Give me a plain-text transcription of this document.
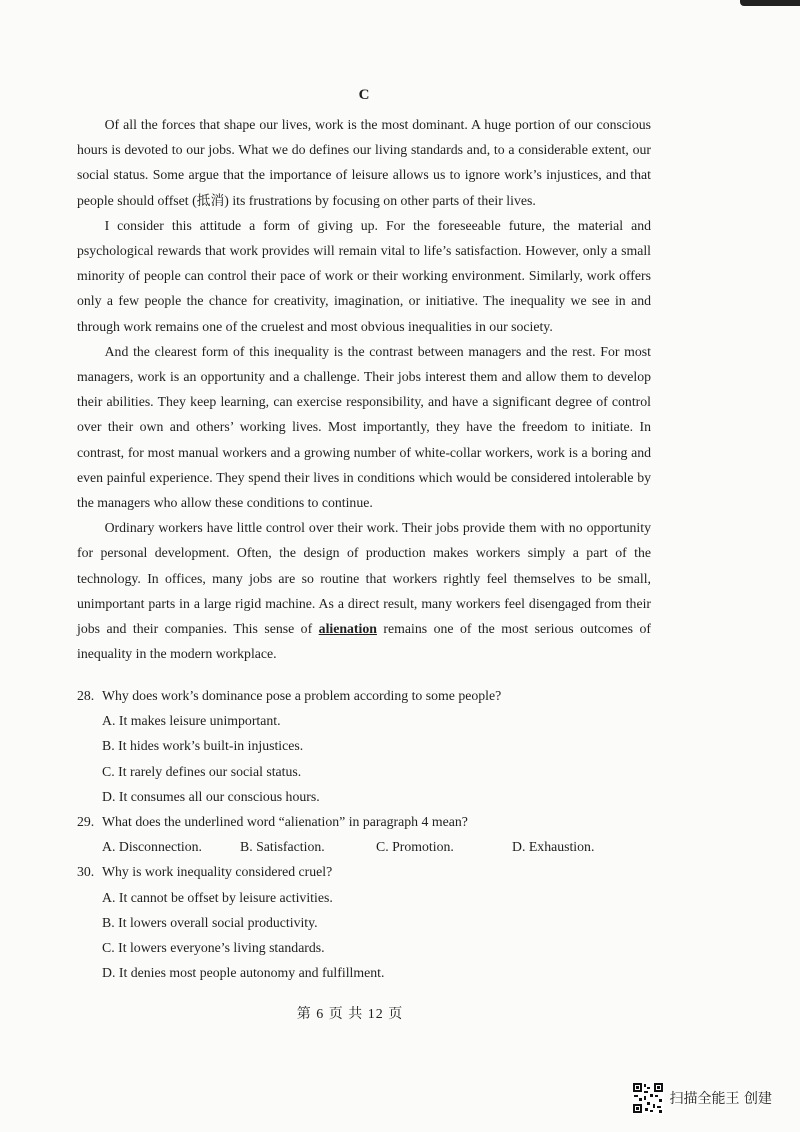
C

Of all the forces that shape our lives, work is the most dominant. A huge portion of our conscious hours is devoted to our jobs. What we do defines our living standards and, to a considerable extent, our social status. Some argue that the importance of leisure allows us to ignore work’s injustices, and that people should offset (抵消) its frustrations by focusing on other parts of their lives.

I consider this attitude a form of giving up. For the foreseeable future, the material and psychological rewards that work provides will remain vital to life’s satisfaction. However, only a small minority of people can control their pace of work or their working environment. Similarly, work offers only a few people the chance for creativity, imagination, or initiative. The inequality we see in and through work remains one of the cruelest and most obvious inequalities in our society.

And the clearest form of this inequality is the contrast between managers and the rest. For most managers, work is an opportunity and a challenge. Their jobs interest them and allow them to develop their abilities. They keep learning, can exercise responsibility, and have a significant degree of control over their own and others’ working lives. Most importantly, they have the freedom to initiate. In contrast, for most manual workers and a growing number of white-collar workers, work is a boring and even painful experience. They spend their lives in conditions which would be considered intolerable by the managers who allow these conditions to continue.

Ordinary workers have little control over their work. Their jobs provide them with no opportunity for personal development. Often, the design of production makes workers simply a part of the technology. In offices, many jobs are so routine that workers rightly feel themselves to be small, unimportant parts in a large rigid machine. As a direct result, many workers feel disengaged from their jobs and their companies. This sense of alienation remains one of the most serious outcomes of inequality in the modern workplace.

28. Why does work’s dominance pose a problem according to some people?
A. It makes leisure unimportant.
B. It hides work’s built-in injustices.
C. It rarely defines our social status.
D. It consumes all our conscious hours.
29. What does the underlined word “alienation” in paragraph 4 mean?
A. Disconnection.	B. Satisfaction.	C. Promotion.	D. Exhaustion.
30. Why is work inequality considered cruel?
A. It cannot be offset by leisure activities.
B. It lowers overall social productivity.
C. It lowers everyone’s living standards.
D. It denies most people autonomy and fulfillment.
第 6 页 共 12 页
扫描全能王 创建
